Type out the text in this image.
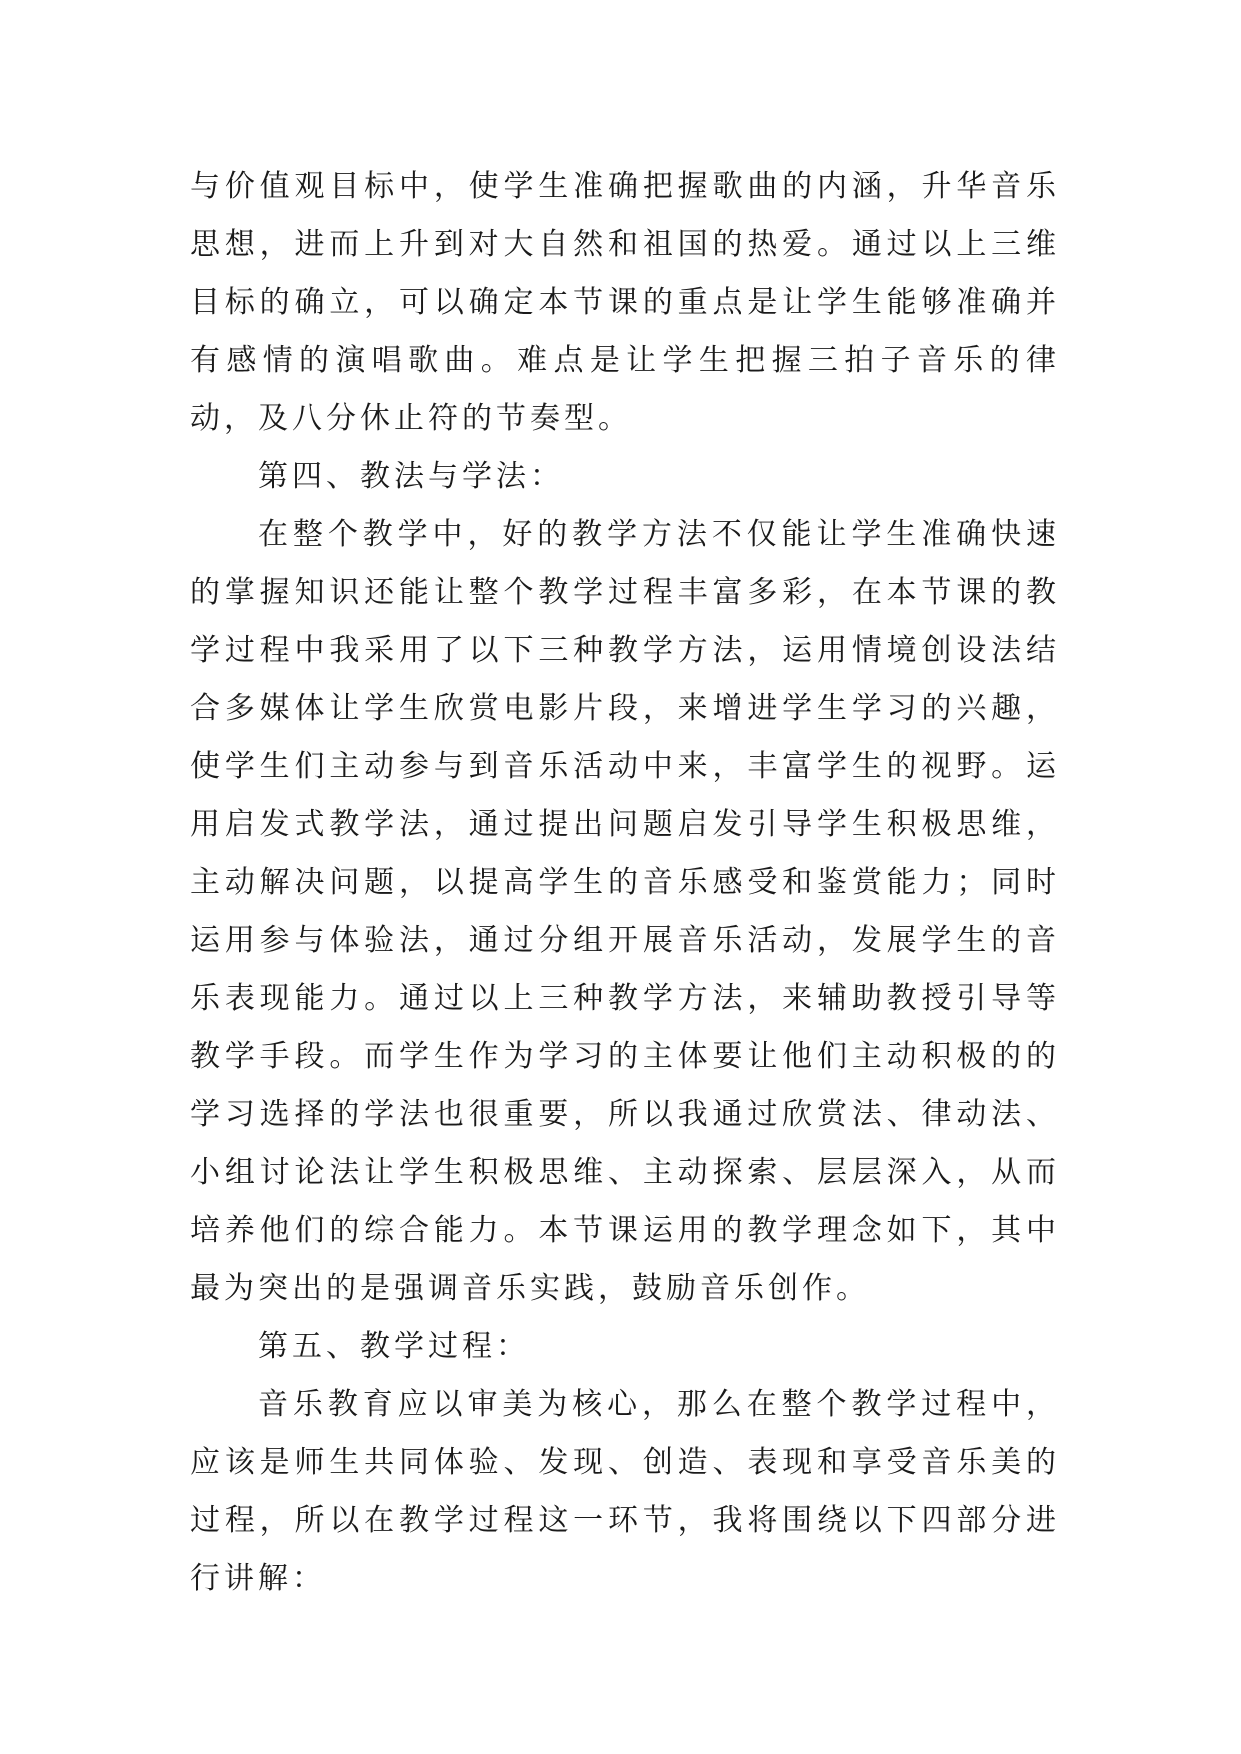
与价值观目标中，使学生准确把握歌曲的内涵，升华音乐思想，进而上升到对大自然和祖国的热爱。通过以上三维目标的确立，可以确定本节课的重点是让学生能够准确并有感情的演唱歌曲。难点是让学生把握三拍子音乐的律动，及八分休止符的节奏型。

第四、教法与学法：

在整个教学中，好的教学方法不仅能让学生准确快速的掌握知识还能让整个教学过程丰富多彩，在本节课的教学过程中我采用了以下三种教学方法，运用情境创设法结合多媒体让学生欣赏电影片段，来增进学生学习的兴趣，使学生们主动参与到音乐活动中来，丰富学生的视野。运用启发式教学法，通过提出问题启发引导学生积极思维，主动解决问题，以提高学生的音乐感受和鉴赏能力；同时运用参与体验法，通过分组开展音乐活动，发展学生的音乐表现能力。通过以上三种教学方法，来辅助教授引导等教学手段。而学生作为学习的主体要让他们主动积极的的学习选择的学法也很重要，所以我通过欣赏法、律动法、小组讨论法让学生积极思维、主动探索、层层深入，从而培养他们的综合能力。本节课运用的教学理念如下，其中最为突出的是强调音乐实践，鼓励音乐创作。

第五、教学过程：

音乐教育应以审美为核心，那么在整个教学过程中，应该是师生共同体验、发现、创造、表现和享受音乐美的过程，所以在教学过程这一环节，我将围绕以下四部分进行讲解：
